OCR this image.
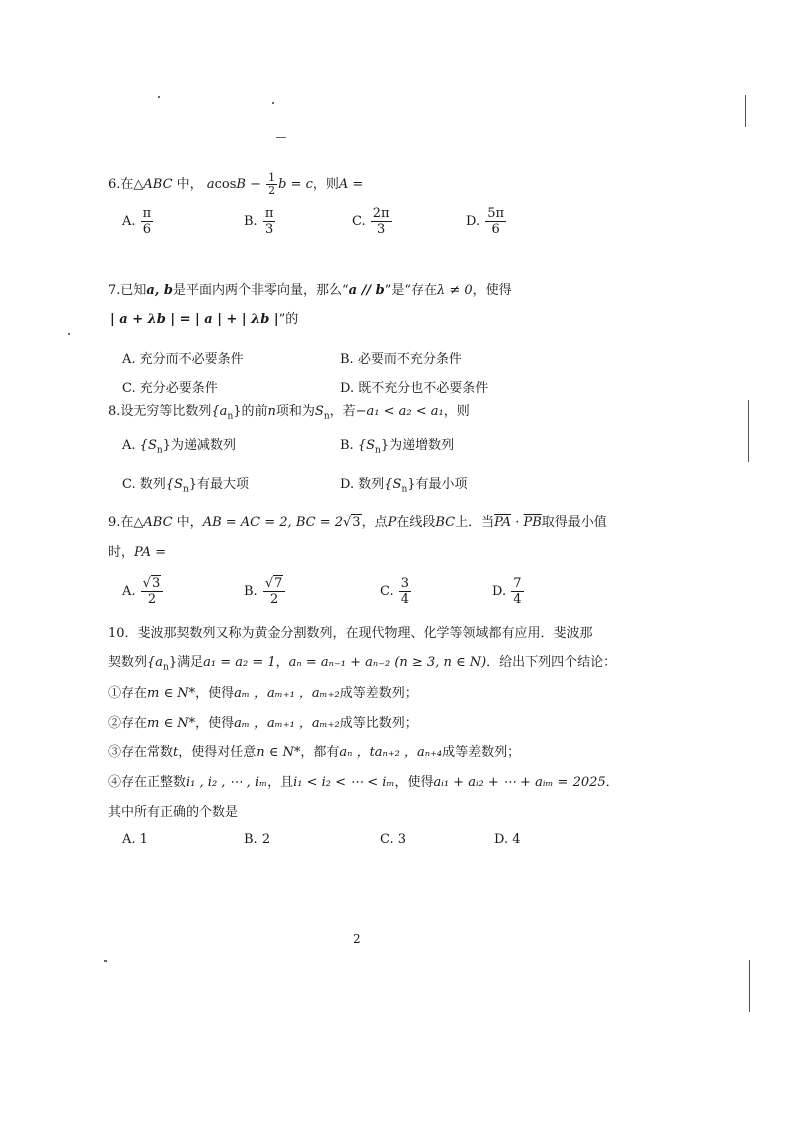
6.在△ABC 中， $acosB - \frac{1}{2}$ b = c，则A =
A. $\frac{\pi}{6}$	B. $\frac{\pi}{3}$	C. $\frac{2\pi}{3}$	D. $\frac{5\pi}{6}$
7.已知a, b是平面内两个非零向量，那么“a // b”是“存在λ ≠ 0，使得
| a + λb | = | a | + | λb |”的
A. 充分而不必要条件	B. 必要而不充分条件
C. 充分必要条件	D. 既不充分也不必要条件
8.设无穷等比数列$\{a_n\}$的前n项和为$S_n$，若−a₁ < a₂ < a₁，则
A. $\{S_n\}$为递减数列	B. $\{S_n\}$为递增数列
C. 数列$\{S_n\}$有最大项	D. 数列$\{S_n\}$有最小项
9.在△ABC 中，AB = AC = 2, BC = 2√3，点P在线段BC上．当$\overline{PA} \cdot \overline{PB}$取得最小值
时，PA =
A. $\frac{√3}{2}$	B. $\frac{√7}{2}$	C. $\frac{3}{4}$	D. $\frac{7}{4}$
10．斐波那契数列又称为黄金分割数列，在现代物理、化学等领域都有应用．斐波那
契数列$\{a_n\}$满足a₁ = a₂ = 1，aₙ = aₙ₋₁ + aₙ₋₂ (n ≥ 3, n ∈ N)．给出下列四个结论：
①存在m ∈ N*，使得aₘ ，aₘ₊₁ ，aₘ₊₂成等差数列；
②存在m ∈ N*，使得aₘ ，aₘ₊₁ ，aₘ₊₂成等比数列；
③存在常数t，使得对任意n ∈ N*，都有aₙ ，taₙ₊₂ ，aₙ₊₄成等差数列；
④存在正整数i₁ , i₂ , ⋯ , iₘ，且i₁ < i₂ < ⋯ < iₘ，使得aᵢ₁ + aᵢ₂ + ⋯ + aᵢₘ = 2025．
其中所有正确的个数是
A. 1	B. 2	C. 3	D. 4
2
